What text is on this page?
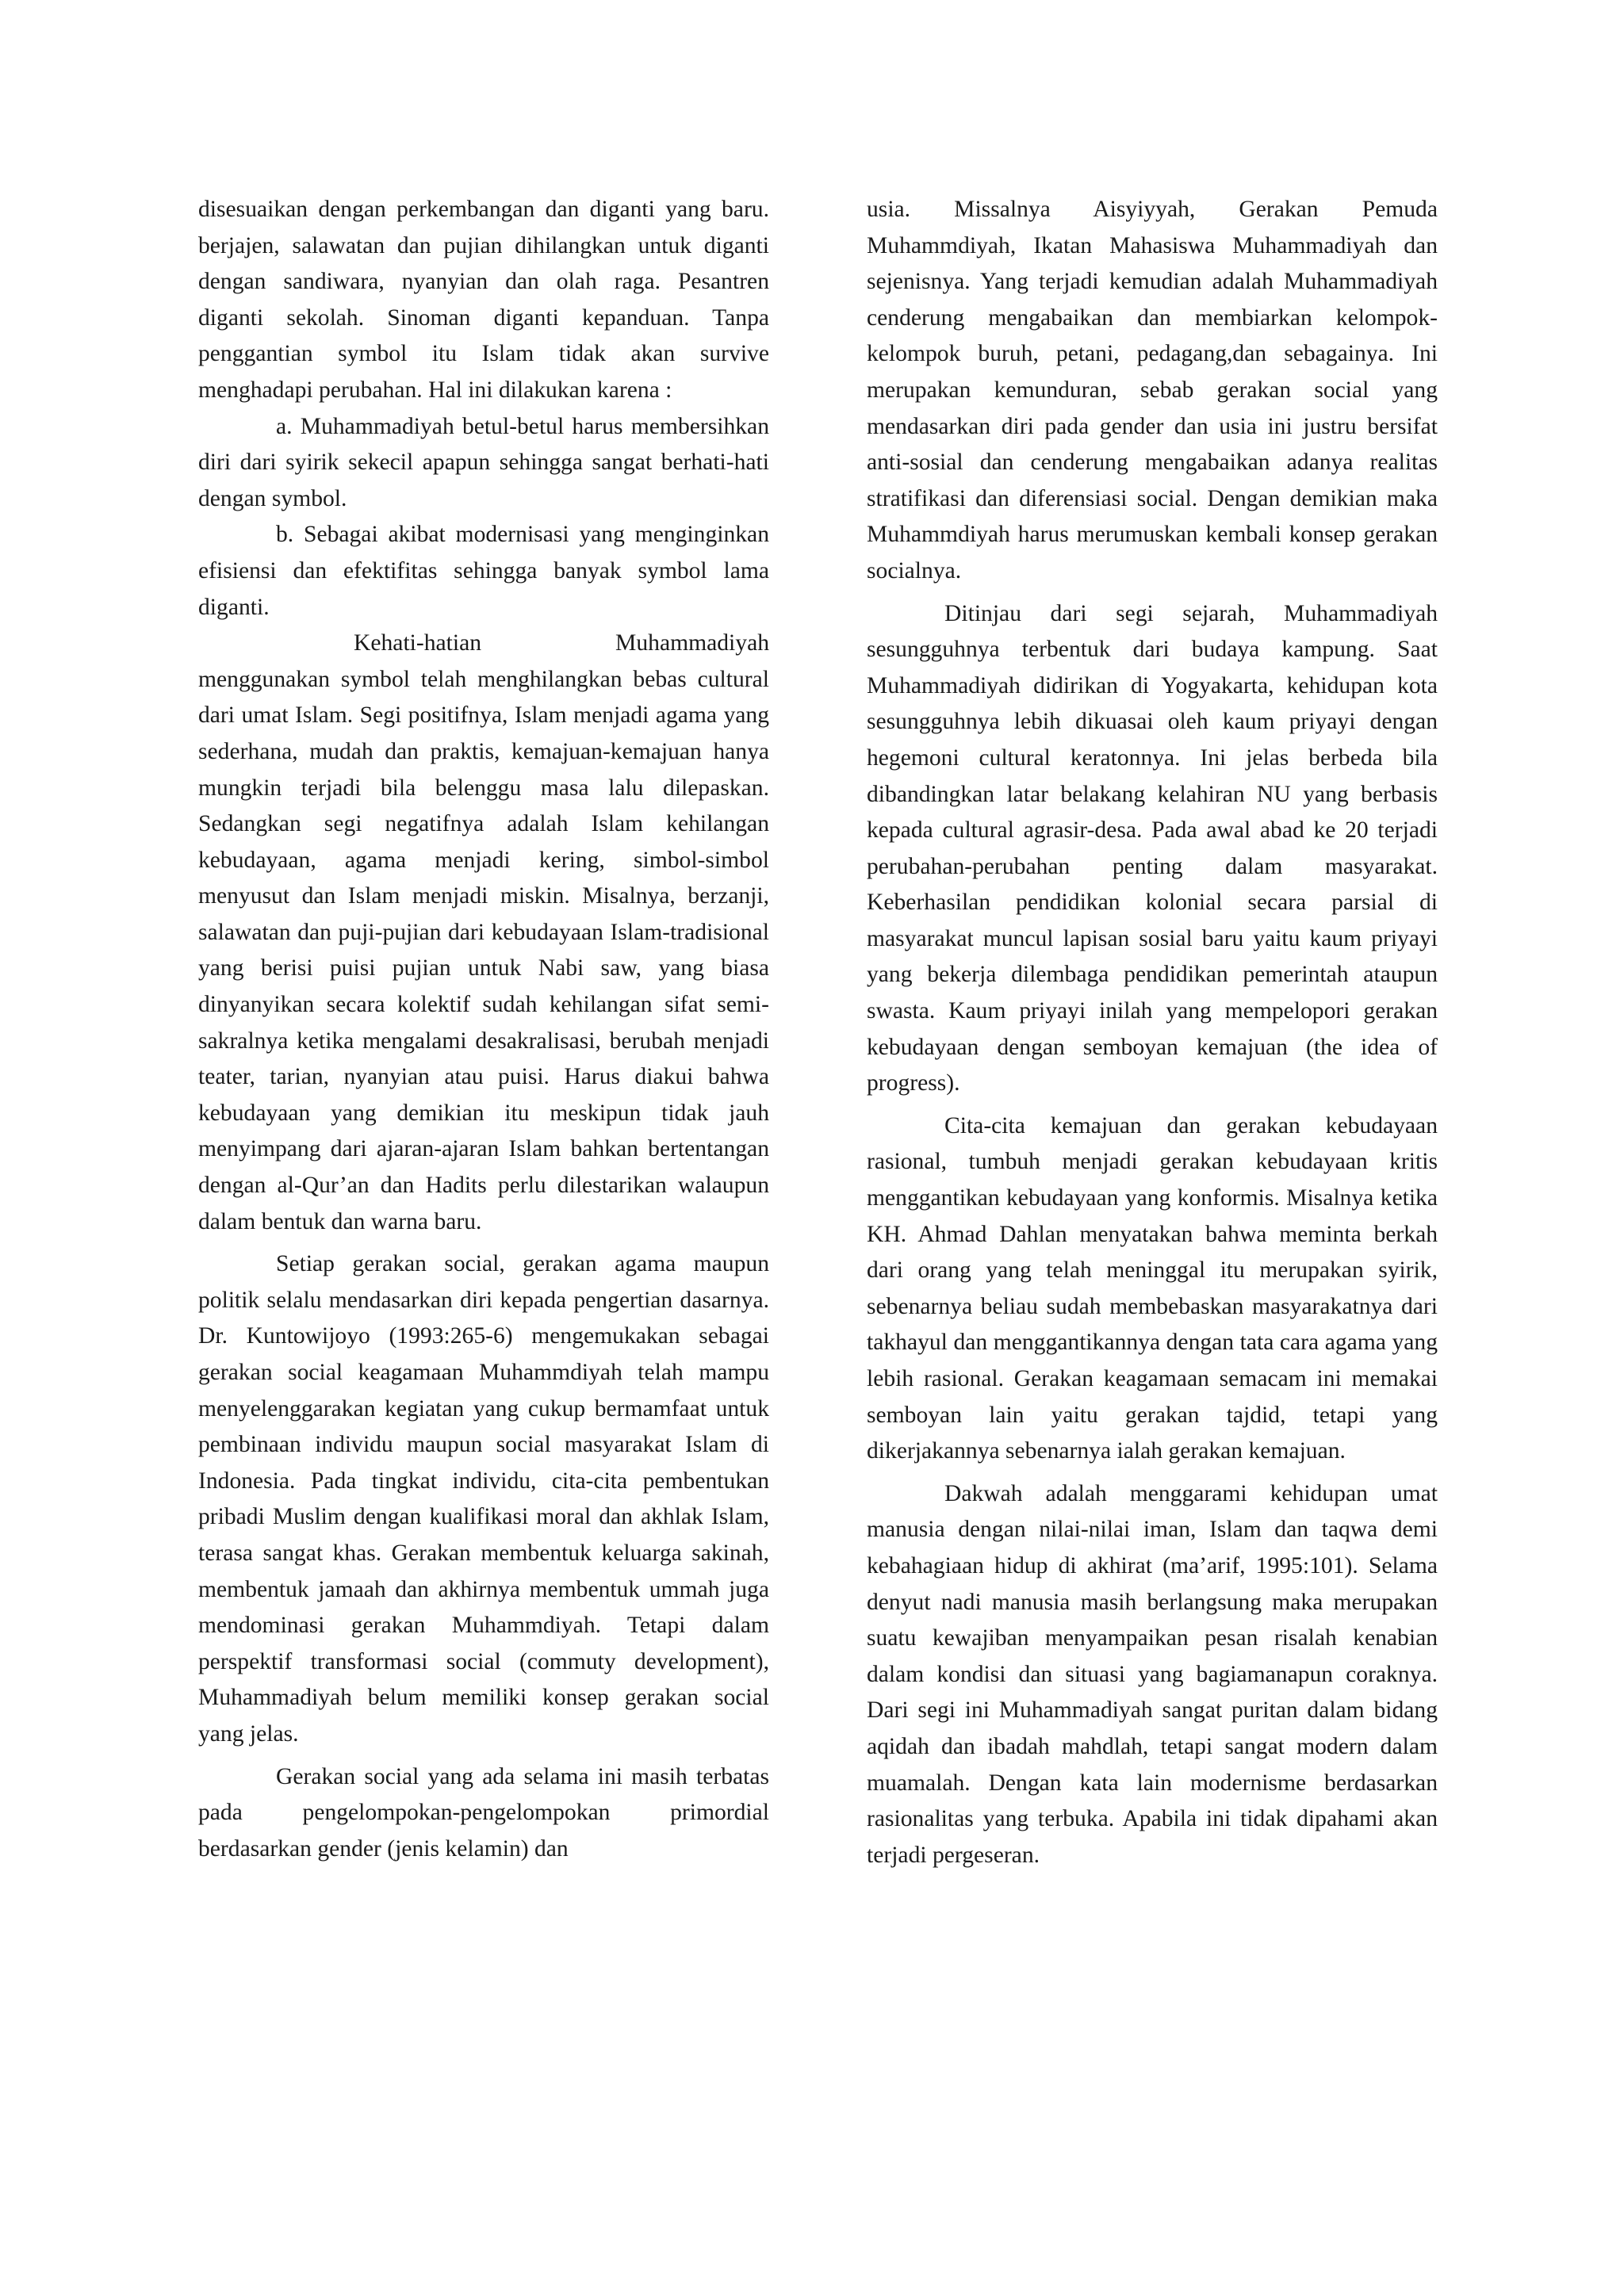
disesuaikan dengan perkembangan dan diganti yang baru. berjajen, salawatan dan pujian dihilangkan untuk diganti dengan sandiwara, nyanyian dan olah raga. Pesantren diganti sekolah. Sinoman diganti kepanduan. Tanpa penggantian symbol itu Islam tidak akan survive menghadapi perubahan. Hal ini dilakukan karena :

a. Muhammadiyah betul-betul harus membersihkan diri dari syirik sekecil apapun sehingga sangat berhati-hati dengan symbol.

b. Sebagai akibat modernisasi yang menginginkan efisiensi dan efektifitas sehingga banyak symbol lama diganti.

Kehati-hatian	Muhammadiyah

menggunakan symbol telah menghilangkan bebas cultural dari umat Islam. Segi positifnya, Islam menjadi agama yang sederhana, mudah dan praktis, kemajuan-kemajuan hanya mungkin terjadi bila belenggu masa lalu dilepaskan. Sedangkan segi negatifnya adalah Islam kehilangan kebudayaan, agama menjadi kering, simbol-simbol menyusut dan Islam menjadi miskin. Misalnya, berzanji, salawatan dan puji-pujian dari kebudayaan Islam-tradisional yang berisi puisi pujian untuk Nabi saw, yang biasa dinyanyikan secara kolektif sudah kehilangan sifat semi-sakralnya ketika mengalami desakralisasi, berubah menjadi teater, tarian, nyanyian atau puisi. Harus diakui bahwa kebudayaan yang demikian itu meskipun tidak jauh menyimpang dari ajaran-ajaran Islam bahkan bertentangan dengan al-Qur’an dan Hadits perlu dilestarikan walaupun dalam bentuk dan warna baru.

Setiap gerakan social, gerakan agama maupun politik selalu mendasarkan diri kepada pengertian dasarnya. Dr. Kuntowijoyo (1993:265-6) mengemukakan sebagai gerakan social keagamaan Muhammdiyah telah mampu menyelenggarakan kegiatan yang cukup bermamfaat untuk pembinaan individu maupun social masyarakat Islam di Indonesia. Pada tingkat individu, cita-cita pembentukan pribadi Muslim dengan kualifikasi moral dan akhlak Islam, terasa sangat khas. Gerakan membentuk keluarga sakinah, membentuk jamaah dan akhirnya membentuk ummah juga mendominasi gerakan Muhammdiyah. Tetapi dalam perspektif transformasi social (commuty development), Muhammadiyah belum memiliki konsep gerakan social yang jelas.

Gerakan social yang ada selama ini masih terbatas pada pengelompokan-pengelompokan primordial berdasarkan gender (jenis kelamin) dan

usia. Missalnya Aisyiyyah, Gerakan Pemuda Muhammdiyah, Ikatan Mahasiswa Muhammadiyah dan sejenisnya. Yang terjadi kemudian adalah Muhammadiyah cenderung mengabaikan dan membiarkan kelompok-kelompok buruh, petani, pedagang,dan sebagainya. Ini merupakan kemunduran, sebab gerakan social yang mendasarkan diri pada gender dan usia ini justru bersifat anti-sosial dan cenderung mengabaikan adanya realitas stratifikasi dan diferensiasi social. Dengan demikian maka Muhammdiyah harus merumuskan kembali konsep gerakan socialnya.

Ditinjau dari segi sejarah, Muhammadiyah sesungguhnya terbentuk dari budaya kampung. Saat Muhammadiyah didirikan di Yogyakarta, kehidupan kota sesungguhnya lebih dikuasai oleh kaum priyayi dengan hegemoni cultural keratonnya. Ini jelas berbeda bila dibandingkan latar belakang kelahiran NU yang berbasis kepada cultural agrasir-desa. Pada awal abad ke 20 terjadi perubahan-perubahan penting dalam masyarakat. Keberhasilan pendidikan kolonial secara parsial di masyarakat muncul lapisan sosial baru yaitu kaum priyayi yang bekerja dilembaga pendidikan pemerintah ataupun swasta. Kaum priyayi inilah yang mempelopori gerakan kebudayaan dengan semboyan kemajuan (the idea of progress).

Cita-cita kemajuan dan gerakan kebudayaan rasional, tumbuh menjadi gerakan kebudayaan kritis menggantikan kebudayaan yang konformis. Misalnya ketika KH. Ahmad Dahlan menyatakan bahwa meminta berkah dari orang yang telah meninggal itu merupakan syirik, sebenarnya beliau sudah membebaskan masyarakatnya dari takhayul dan menggantikannya dengan tata cara agama yang lebih rasional. Gerakan keagamaan semacam ini memakai semboyan lain yaitu gerakan tajdid, tetapi yang dikerjakannya sebenarnya ialah gerakan kemajuan.

Dakwah adalah menggarami kehidupan umat manusia dengan nilai-nilai iman, Islam dan taqwa demi kebahagiaan hidup di akhirat (ma’arif, 1995:101). Selama denyut nadi manusia masih berlangsung maka merupakan suatu kewajiban menyampaikan pesan risalah kenabian dalam kondisi dan situasi yang bagiamanapun coraknya. Dari segi ini Muhammadiyah sangat puritan dalam bidang aqidah dan ibadah mahdlah, tetapi sangat modern dalam muamalah. Dengan kata lain modernisme berdasarkan rasionalitas yang terbuka. Apabila ini tidak dipahami akan terjadi pergeseran.
